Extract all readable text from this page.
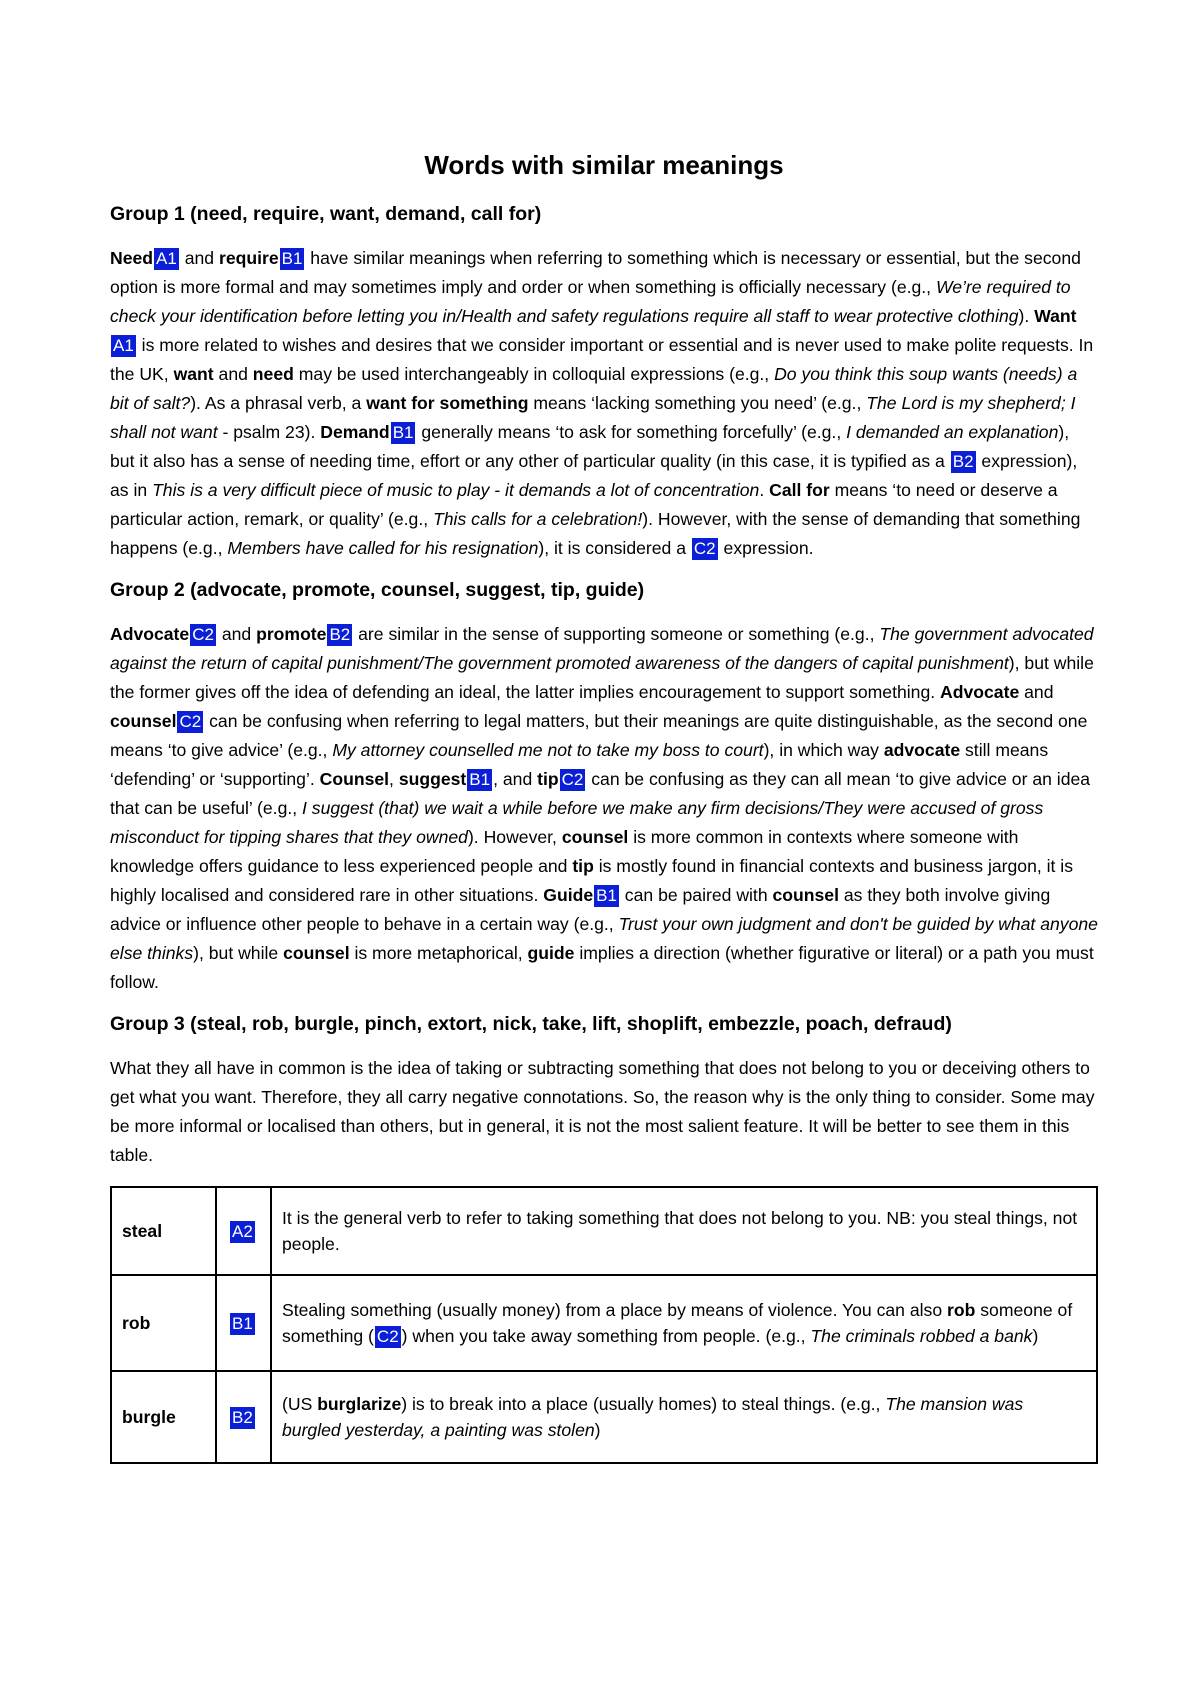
Words with similar meanings
Group 1 (need, require, want, demand, call for)

Need A1 and require B1 have similar meanings when referring to something which is necessary or essential, but the second option is more formal and may sometimes imply and order or when something is officially necessary (e.g., We’re required to check your identification before letting you in/Health and safety regulations require all staff to wear protective clothing). WantA1 is more related to wishes and desires that we consider important or essential and is never used to make polite requests. In the UK, want and need may be used interchangeably in colloquial expressions (e.g., Do you think this soup wants (needs) a bit of salt?). As a phrasal verb, a want for something means ‘lacking something you need’ (e.g., The Lord is my shepherd; I shall not want - psalm 23). Demand B1 generally means ‘to ask for something forcefully’ (e.g., I demanded an explanation), but it also has a sense of needing time, effort or any other of particular quality (in this case, it is typified as a B2 expression), as in This is a very difficult piece of music to play - it demands a lot of concentration. Call for means ‘to need or deserve a particular action, remark, or quality’ (e.g., This calls for a celebration!). However, with the sense of demanding that something happens (e.g., Members have called for his resignation), it is considered a C2 expression.

Group 2 (advocate, promote, counsel, suggest, tip, guide)

Advocate C2 and promote B2 are similar in the sense of supporting someone or something (e.g., The government advocated against the return of capital punishment/The government promoted awareness of the dangers of capital punishment), but while the former gives off the idea of defending an ideal, the latter implies encouragement to support something. Advocate and counsel C2 can be confusing when referring to legal matters, but their meanings are quite distinguishable, as the second one means ‘to give advice’ (e.g., My attorney counselled me not to take my boss to court), in which way advocate still means ‘defending’ or ‘supporting’. Counsel, suggest B1 , and tip C2 can be confusing as they can all mean ‘to give advice or an idea that can be useful’ (e.g., I suggest (that) we wait a while before we make any firm decisions/They were accused of gross misconduct for tipping shares that they owned). However, counsel is more common in contexts where someone with knowledge offers guidance to less experienced people and tip is mostly found in financial contexts and business jargon, it is highly localised and considered rare in other situations. Guide B1 can be paired with counsel as they both involve giving advice or influence other people to behave in a certain way (e.g., Trust your own judgment and don't be guided by what anyone else thinks), but while counsel is more metaphorical, guide implies a direction (whether figurative or literal) or a path you must follow.

Group 3 (steal, rob, burgle, pinch, extort, nick, take, lift, shoplift, embezzle, poach, defraud)

What they all have in common is the idea of taking or subtracting something that does not belong to you or deceiving others to get what you want. Therefore, they all carry negative connotations. So, the reason why is the only thing to consider. Some may be more informal or localised than others, but in general, it is not the most salient feature. It will be better to see them in this table.

steal	A2	It is the general verb to refer to taking something that does not belong to you. NB: you steal things, not people.
rob	B1	Stealing something (usually money) from a place by means of violence. You can also rob someone of something ( C2 ) when you take away something from people. (e.g., The criminals robbed a bank)
burgle	B2	(US burglarize) is to break into a place (usually homes) to steal things. (e.g., The mansion was burgled yesterday, a painting was stolen)
